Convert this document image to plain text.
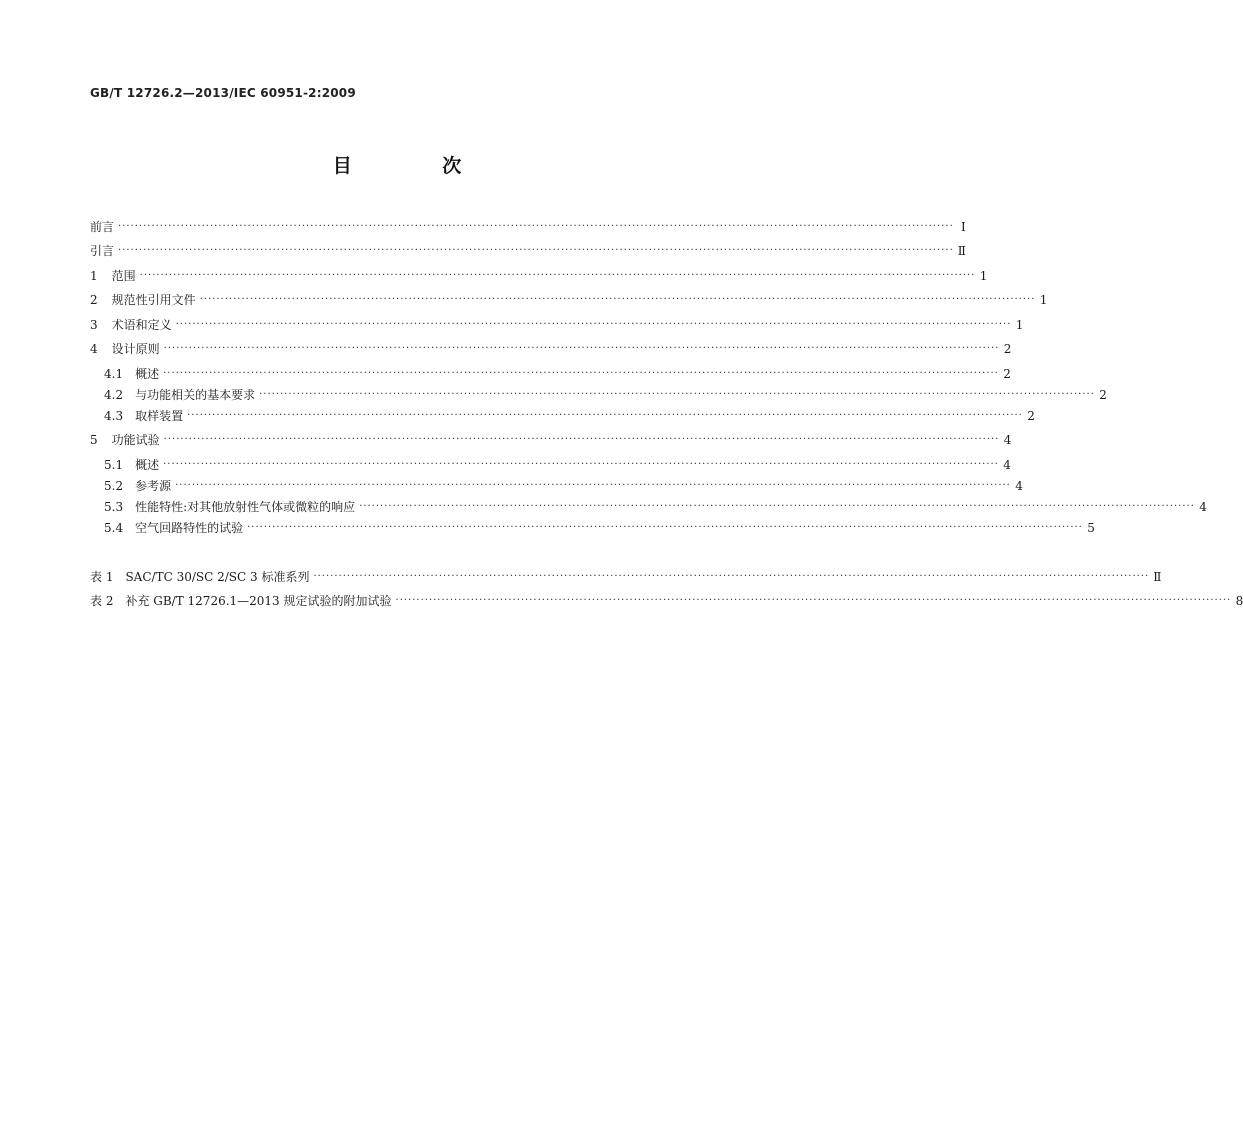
GB/T 12726.2—2013/IEC 60951-2:2009
目 次
前言 ········································································································································································································ Ⅰ
引言 ········································································································································································································ Ⅱ
1 范围 ········································································································································································································ 1
2 规范性引用文件 ········································································································································································································ 1
3 术语和定义 ········································································································································································································ 1
4 设计原则 ········································································································································································································ 2
4.1 概述 ········································································································································································································ 2
4.2 与功能相关的基本要求 ········································································································································································································ 2
4.3 取样装置 ········································································································································································································ 2
5 功能试验 ········································································································································································································ 4
5.1 概述 ········································································································································································································ 4
5.2 参考源 ········································································································································································································ 4
5.3 性能特性:对其他放射性气体或微粒的响应 ········································································································································································································ 4
5.4 空气回路特性的试验 ········································································································································································································ 5
表 1 SAC/TC 30/SC 2/SC 3 标准系列 ········································································································································································································ Ⅱ
表 2 补充 GB/T 12726.1—2013 规定试验的附加试验 ········································································································································································································ 8
